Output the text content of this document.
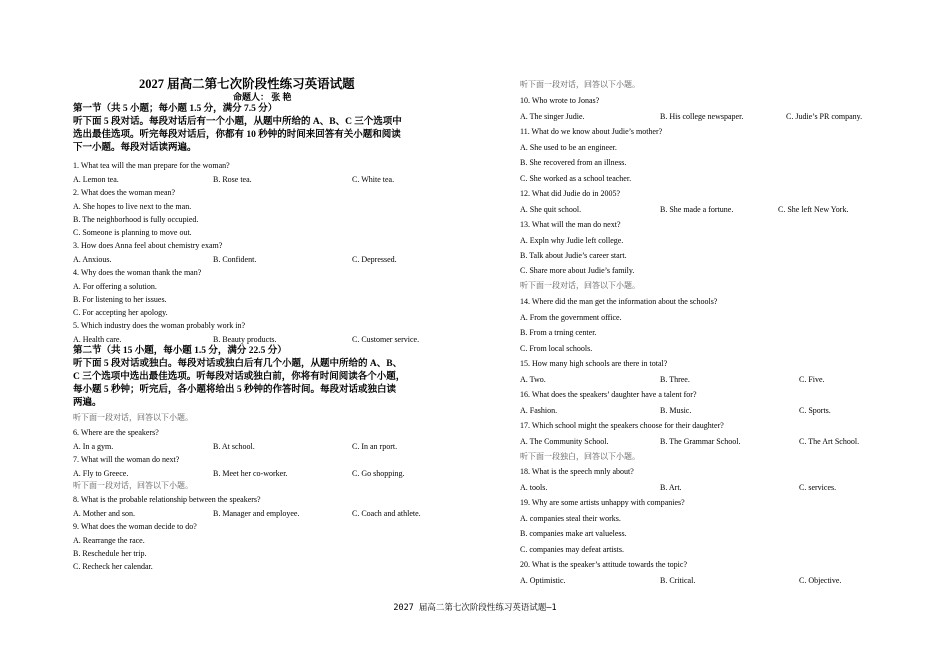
2027 届高二第七次阶段性练习英语试题
命题人： 张 艳
第一节（共 5 小题；每小题 1.5 分，满分 7.5 分）
听下面 5 段对话。每段对话后有一个小题，从题中所给的 A、B、C 三个选项中
选出最佳选项。听完每段对话后，你都有 10 秒钟的时间来回答有关小题和阅读
下一小题。每段对话读两遍。
1. What tea will the man prepare for the woman?
A. Lemon tea.	B. Rose tea.	C. White tea.
2. What does the woman mean?
A. She hopes to live next to the man.
B. The neighborhood is fully occupied.
C. Someone is planning to move out.
3. How does Anna feel about chemistry exam?
A. Anxious.	B. Confident.	C. Depressed.
4. Why does the woman thank the man?
A. For offering a solution.
B. For listening to her issues.
C. For accepting her apology.
5. Which industry does the woman probably work in?
A. Health care.	B. Beauty products.	C. Customer service.
第二节（共 15 小题，每小题 1.5 分，满分 22.5 分）
听下面 5 段对话或独白。每段对话或独白后有几个小题，从题中所给的 A、B、
C 三个选项中选出最佳选项。听每段对话或独白前，你将有时间阅读各个小题，
每小题 5 秒钟；听完后，各小题将给出 5 秒钟的作答时间。每段对话或独白读
两遍。
听下面一段对话，回答以下小题。
6. Where are the speakers?
A. In a gym.	B. At school.	C. In an rport.
7. What will the woman do next?
A. Fly to Greece.	B. Meet her co-worker.	C. Go shopping.
听下面一段对话，回答以下小题。
8. What is the probable relationship between the speakers?
A. Mother and son.	B. Manager and employee.	C. Coach and athlete.
9. What does the woman decide to do?
A. Rearrange the race.
B. Reschedule her trip.
C. Recheck her calendar.
听下面一段对话，回答以下小题。
10. Who wrote to Jonas?
A. The singer Judie.	B. His college newspaper.	C. Judie’s PR company.
11. What do we know about Judie’s mother?
A. She used to be an engineer.
B. She recovered from an illness.
C. She worked as a school teacher.
12. What did Judie do in 2005?
A. She quit school.	B. She made a fortune.	C. She left New York.
13. What will the man do next?
A. Expln why Judie left college.
B. Talk about Judie’s career start.
C. Share more about Judie’s family.
听下面一段对话，回答以下小题。
14. Where did the man get the information about the schools?
A. From the government office.
B. From a trning center.
C. From local schools.
15. How many high schools are there in total?
A. Two.	B. Three.	C. Five.
16. What does the speakers’ daughter have a talent for?
A. Fashion.	B. Music.	C. Sports.
17. Which school might the speakers choose for their daughter?
A. The Community School.	B. The Grammar School.	C. The Art School.
听下面一段独白，回答以下小题。
18. What is the speech mnly about?
A. tools.	B. Art.	C. services.
19. Why are some artists unhappy with companies?
A. companies steal their works.
B. companies make art valueless.
C. companies may defeat artists.
20. What is the speaker’s attitude towards the topic?
A. Optimistic.	B. Critical.	C. Objective.
2027 届高二第七次阶段性练习英语试题—1
